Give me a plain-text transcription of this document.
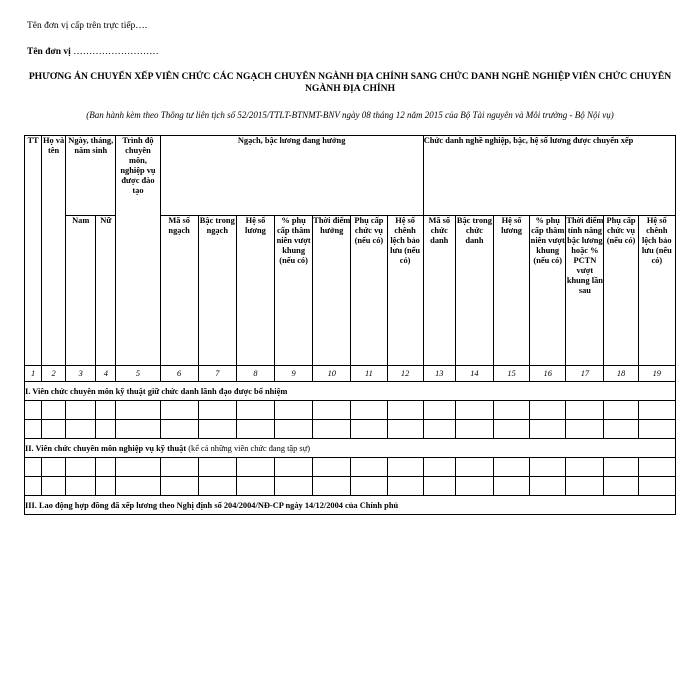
Tên đơn vị cấp trên trực tiếp….
Tên đơn vị ………………………
PHƯƠNG ÁN CHUYỂN XẾP VIÊN CHỨC CÁC NGẠCH CHUYÊN NGÀNH ĐỊA CHÍNH SANG CHỨC DANH NGHỀ NGHIỆP VIÊN CHỨC CHUYÊN NGÀNH ĐỊA CHÍNH
(Ban hành kèm theo Thông tư liên tịch số 52/2015/TTLT-BTNMT-BNV ngày 08 tháng 12 năm 2015 của Bộ Tài nguyên và Môi trường - Bộ Nội vụ)
TT	Họ và tên	Ngày, tháng, năm sinh		Trình độ chuyên môn, nghiệp vụ được đào tạo	Ngạch, bậc lương đang hưởng							Chức danh nghề nghiệp, bậc, hệ số lương được chuyển xếp						
		Nam	Nữ		Mã số ngạch	Bậc trong ngạch	Hệ số lương	% phụ cấp thâm niên vượt khung (nếu có)	Thời điểm hưởng	Phụ cấp chức vụ (nếu có)	Hệ số chênh lệch bảo lưu (nếu có)	Mã số chức danh	Bậc trong chức danh	Hệ số lương	% phụ cấp thâm niên vượt khung (nếu có)	Thời điểm tính nâng bậc lương hoặc % PCTN vượt khung lần sau	Phụ cấp chức vụ (nếu có)	Hệ số chênh lệch bảo lưu (nếu có)
1	2	3	4	5	6	7	8	9	10	11	12	13	14	15	16	17	18	19
I. Viên chức chuyên môn kỹ thuật giữ chức danh lãnh đạo được bổ nhiệm																		

II. Viên chức chuyên môn nghiệp vụ kỹ thuật (kể cả những viên chức đang tập sự)																		

III. Lao động hợp đồng đã xếp lương theo Nghị định số 204/2004/NĐ-CP ngày 14/12/2004 của Chính phủ																		
